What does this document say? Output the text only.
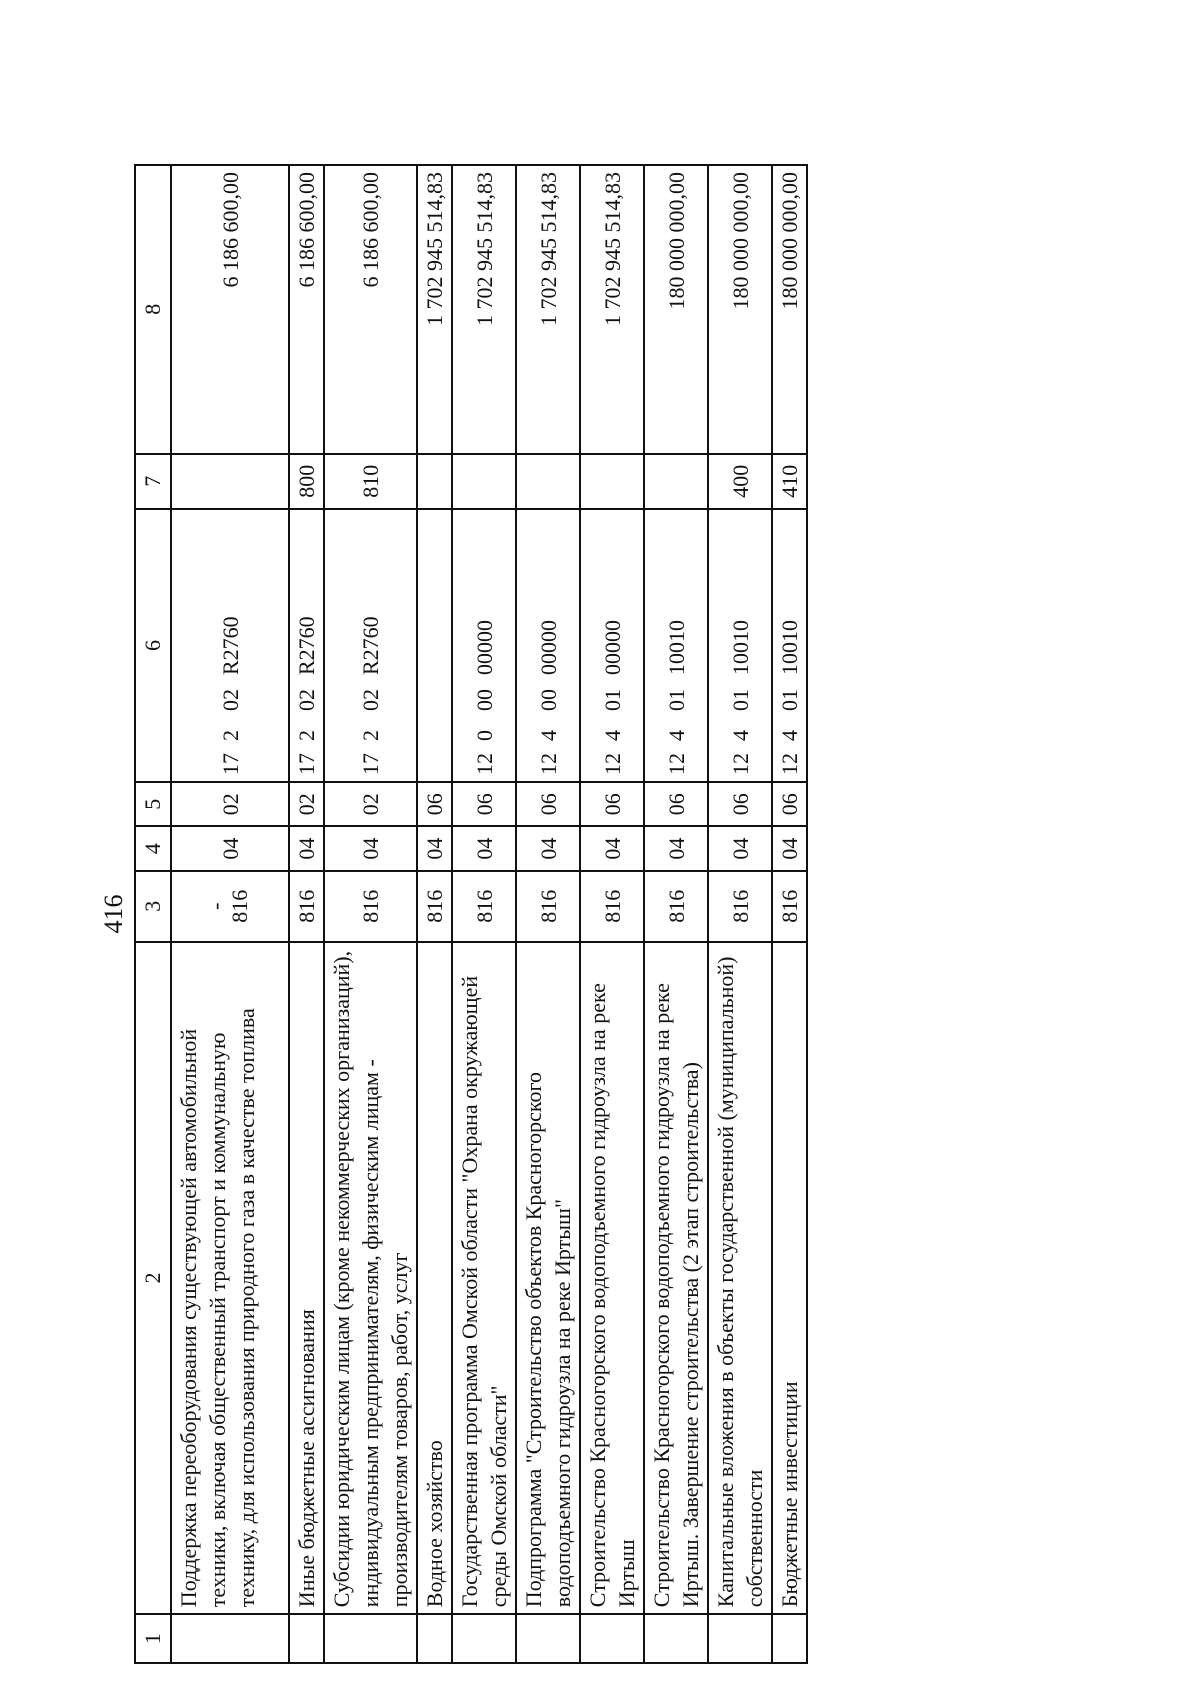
416
1	2	3	4	5	6	7	8
	Поддержка переоборудования существующей автомобильной техники, включая общественный транспорт и коммунальную технику, для использования природного газа в качестве топлива	- 816	04	02	17202R2760		6 186 600,00
	Иные бюджетные ассигнования	816	04	02	17202R2760	800	6 186 600,00
	Субсидии юридическим лицам (кроме некоммерческих организаций), индивидуальным предпринимателям, физическим лицам - производителям товаров, работ, услуг	816	04	02	17202R2760	810	6 186 600,00
	Водное хозяйство	816	04	06			1 702 945 514,83
	Государственная программа Омской области "Охрана окружающей среды Омской области"	816	04	06	1200000000		1 702 945 514,83
	Подпрограмма "Строительство объектов Красногорского водоподъемного гидроузла на реке Иртыш"	816	04	06	1240000000		1 702 945 514,83
	Строительство Красногорского водоподъемного гидроузла на реке Иртыш	816	04	06	1240100000		1 702 945 514,83
	Строительство Красногорского водоподъемного гидроузла на реке Иртыш. Завершение строительства (2 этап строительства)	816	04	06	1240110010		180 000 000,00
	Капитальные вложения в объекты государственной (муниципальной) собственности	816	04	06	1240110010	400	180 000 000,00
	Бюджетные инвестиции	816	04	06	1240110010	410	180 000 000,00
